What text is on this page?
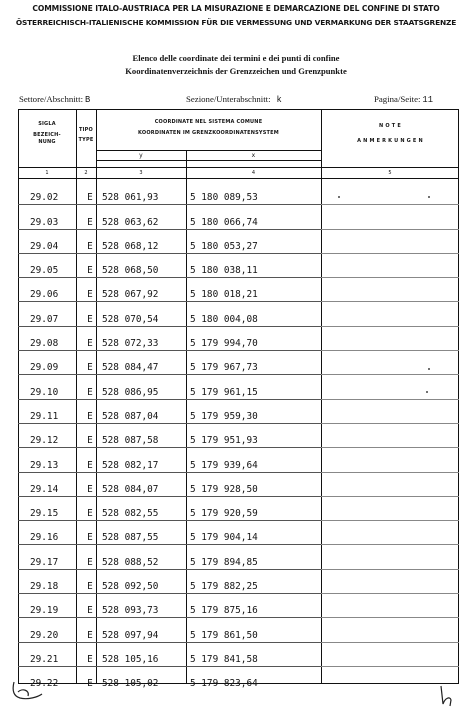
COMMISSIONE ITALO-AUSTRIACA PER LA MISURAZIONE E DEMARCAZIONE DEL CONFINE DI STATO
ÖSTERREICHISCH-ITALIENISCHE KOMMISSION FÜR DIE VERMESSUNG UND VERMARKUNG DER STAATSGRENZE
Elenco delle coordinate dei termini e dei punti di confine
Koordinatenverzeichnis der Grenzzeichen und Grenzpunkte
Settore/Abschnitt: B	Sezione/Unterabschnitt: k	Pagina/Seite: 11
SIGLA
BEZEICH-
NUNG
TIPO
TYPE
COORDINATE NEL SISTEMA COMUNE
KOORDINATEN IM GRENZKOORDINATENSYSTEM
y	x
N O T E
A N M E R K U N G E N
1	2	3	4	5
29.02	E 528 061,93	5 180 089,53
29.03	E 528 063,62	5 180 066,74
29.04	E 528 068,12	5 180 053,27
29.05	E 528 068,50	5 180 038,11
29.06	E 528 067,92	5 180 018,21
29.07	E 528 070,54	5 180 004,08
29.08	E 528 072,33	5 179 994,70
29.09	E 528 084,47	5 179 967,73
29.10	E 528 086,95	5 179 961,15
29.11	E 528 087,04	5 179 959,30
29.12	E 528 087,58	5 179 951,93
29.13	E 528 082,17	5 179 939,64
29.14	E 528 084,07	5 179 928,50
29.15	E 528 082,55	5 179 920,59
29.16	E 528 087,55	5 179 904,14
29.17	E 528 088,52	5 179 894,85
29.18	E 528 092,50	5 179 882,25
29.19	E 528 093,73	5 179 875,16
29.20	E 528 097,94	5 179 861,50
29.21	E 528 105,16	5 179 841,58
29.22	E 528 105,02	5 179 823,64
